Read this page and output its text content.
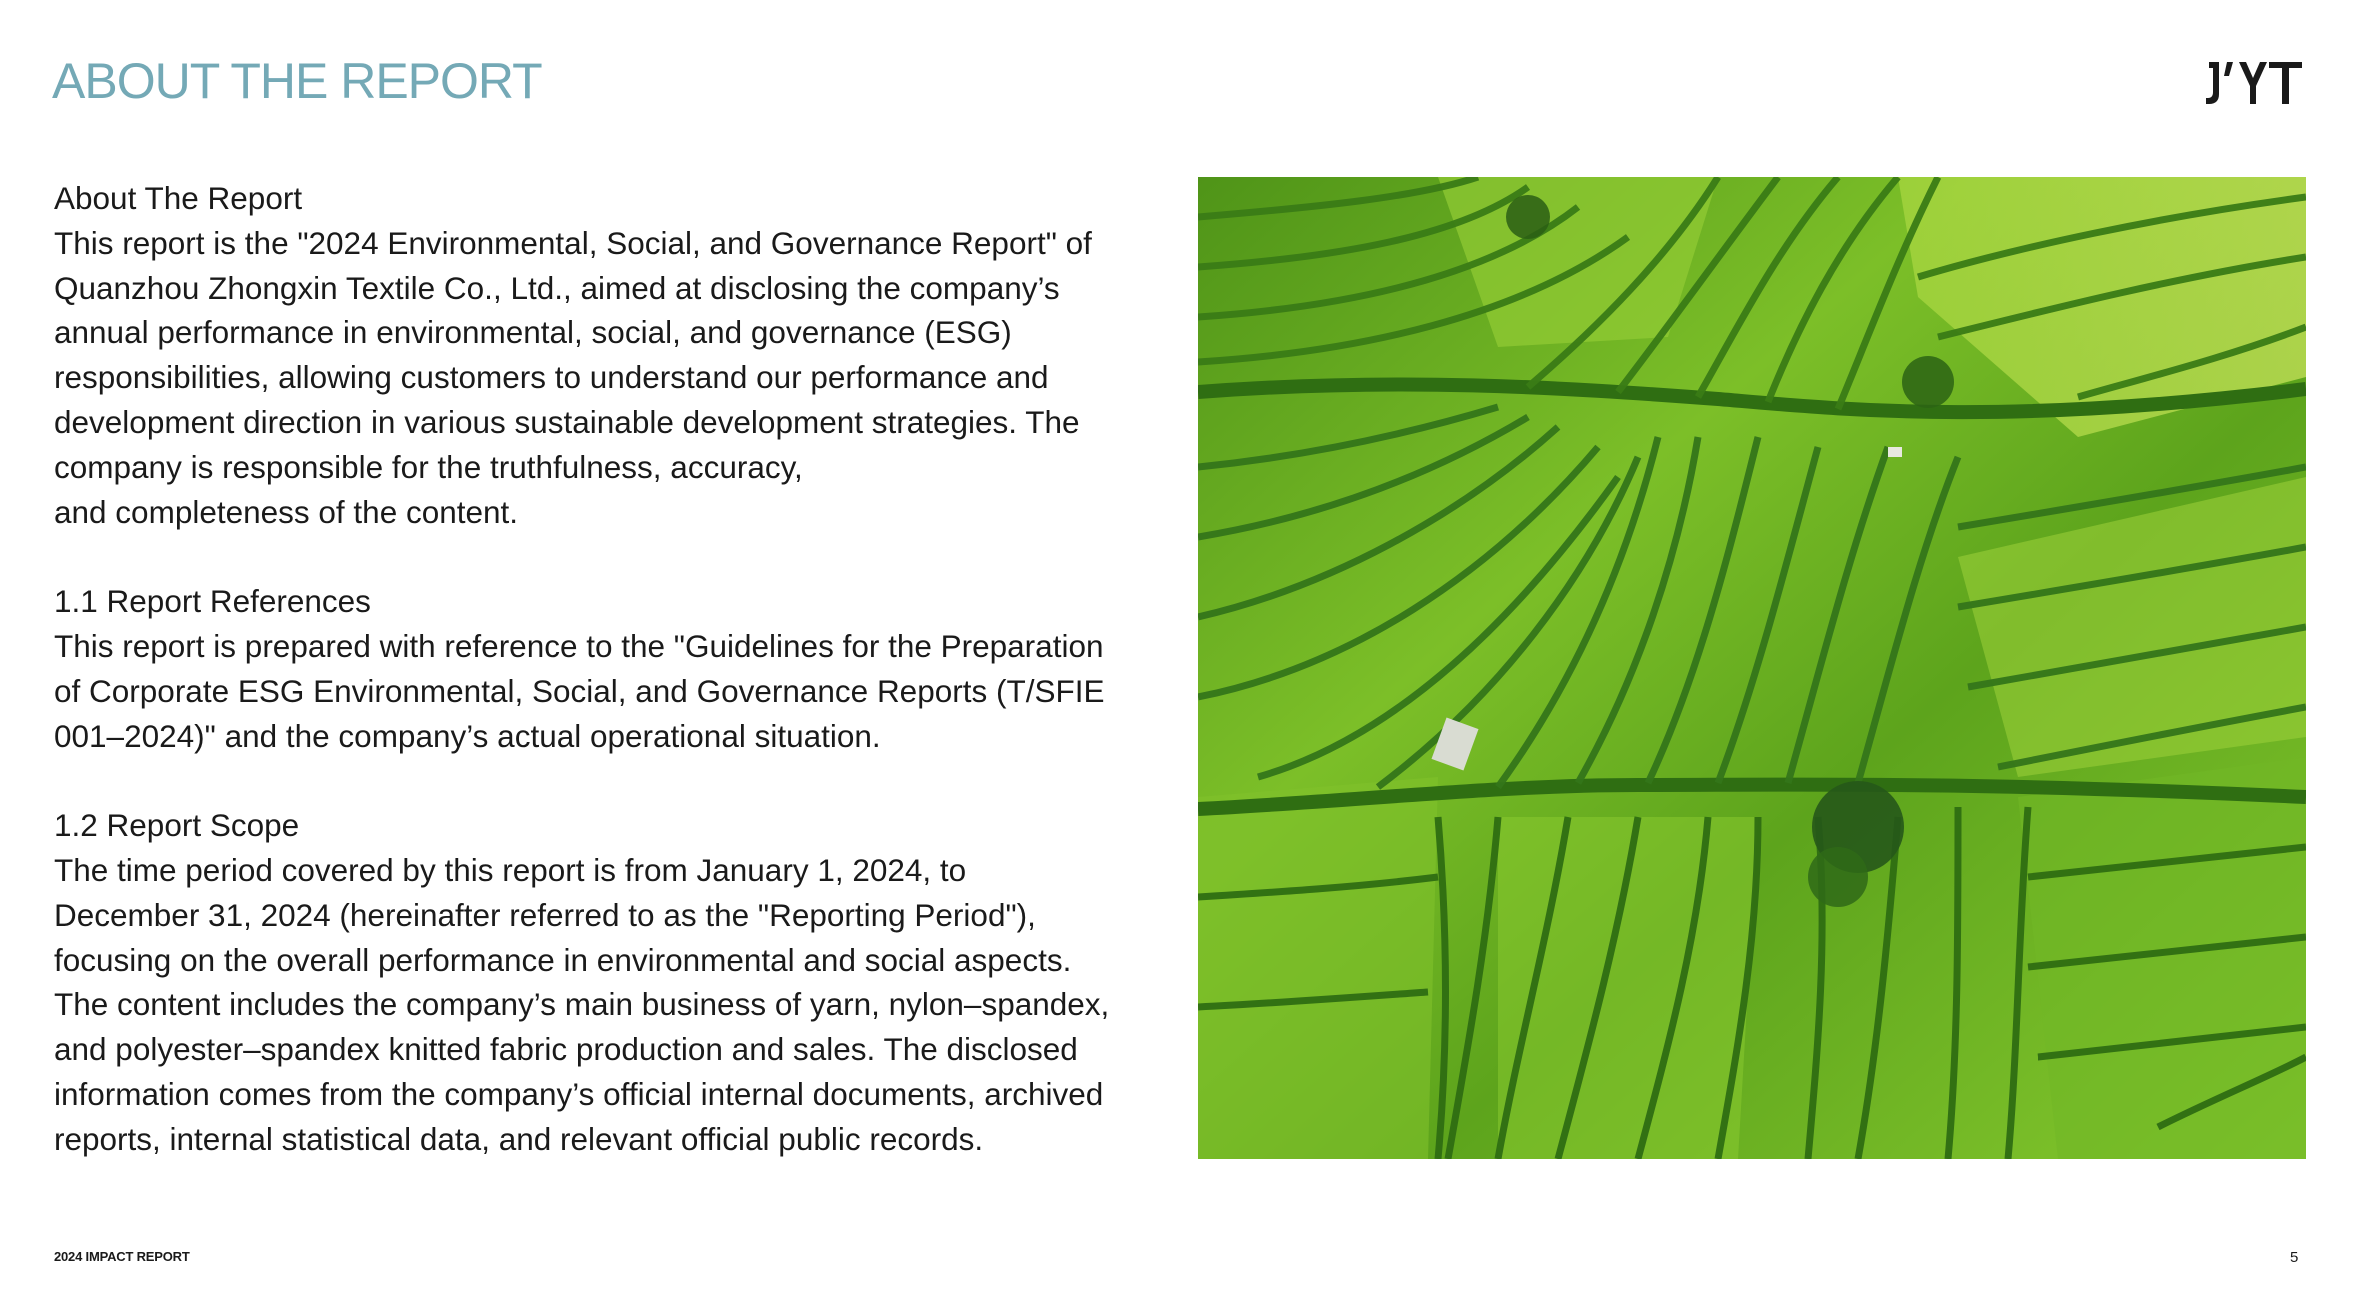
ABOUT THE REPORT
About The Report
This report is the "2024 Environmental, Social, and Governance Report" of
Quanzhou Zhongxin Textile Co., Ltd., aimed at disclosing the company’s
annual performance in environmental, social, and governance (ESG)
responsibilities, allowing customers to understand our performance and
development direction in various sustainable development strategies. The
company is responsible for the truthfulness, accuracy,
and completeness of the content.
1.1 Report References
This report is prepared with reference to the "Guidelines for the Preparation
of Corporate ESG Environmental, Social, and Governance Reports (T/SFIE
001–2024)" and the company’s actual operational situation.
1.2 Report Scope
The time period covered by this report is from January 1, 2024, to
December 31, 2024 (hereinafter referred to as the "Reporting Period"),
focusing on the overall performance in environmental and social aspects.
The content includes the company’s main business of yarn, nylon–spandex,
and polyester–spandex knitted fabric production and sales. The disclosed
information comes from the company’s official internal documents, archived
reports, internal statistical data, and relevant official public records.
2024 IMPACT REPORT	5
